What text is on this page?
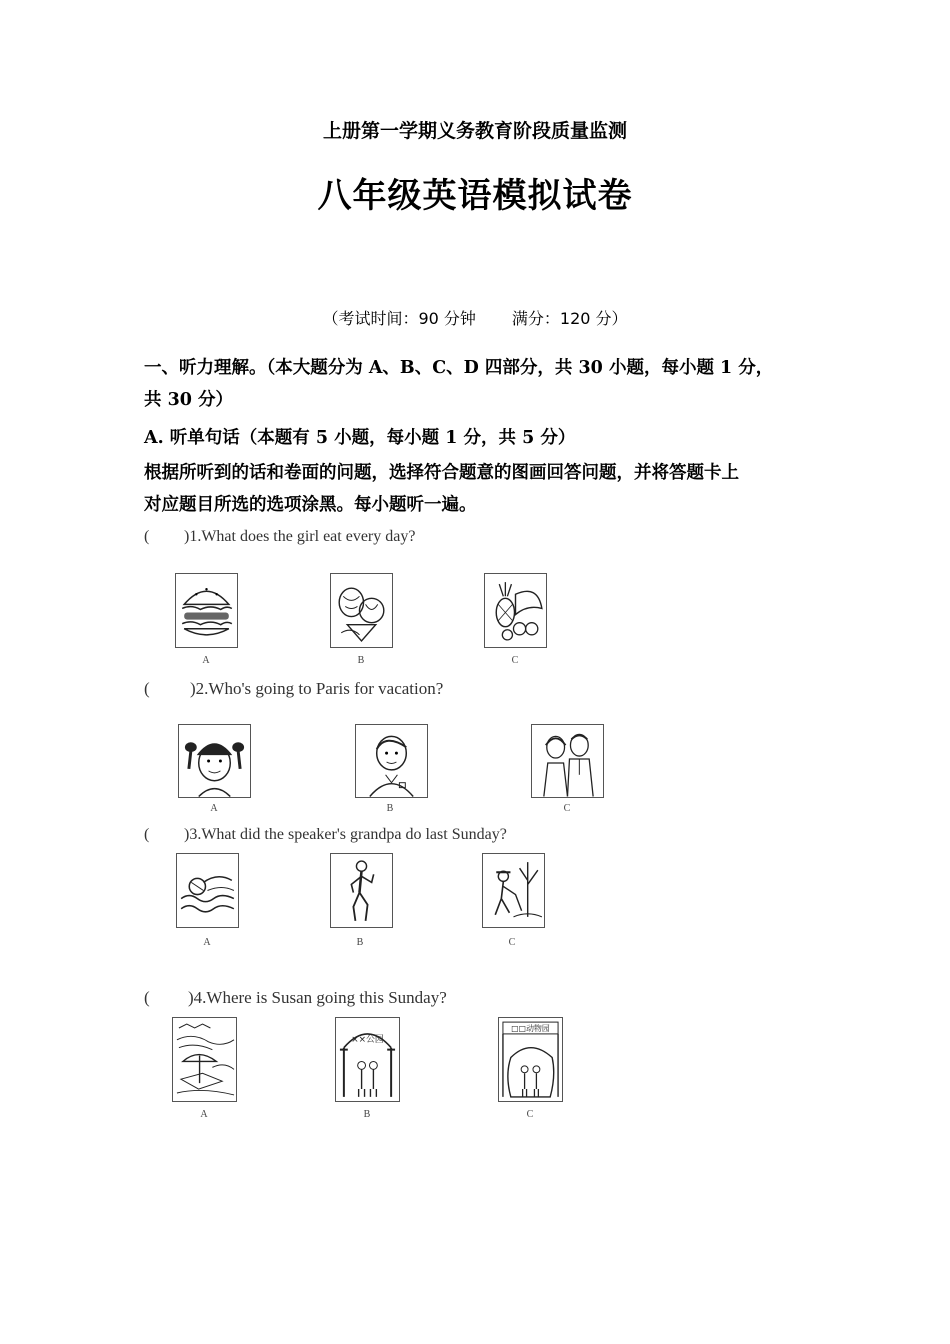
上册第一学期义务教育阶段质量监测
八年级英语模拟试卷
（考试时间：90 分钟 满分：120 分）
一、听力理解。（本大题分为 A、B、C、D 四部分，共 30 小题，每小题 1 分，
共 30 分）
A. 听单句话（本题有 5 小题，每小题 1 分，共 5 分）
根据所听到的话和卷面的问题，选择符合题意的图画回答问题，并将答题卡上
对应题目所选的选项涂黑。每小题听一遍。
( )1.What does the girl eat every day?
A	B	C
( )2.Who's going to Paris for vacation?
A	B	C
( )3.What did the speaker's grandpa do last Sunday?
A	B	C
( )4.Where is Susan going this Sunday?
A
××公园
B
□□动物园
C
